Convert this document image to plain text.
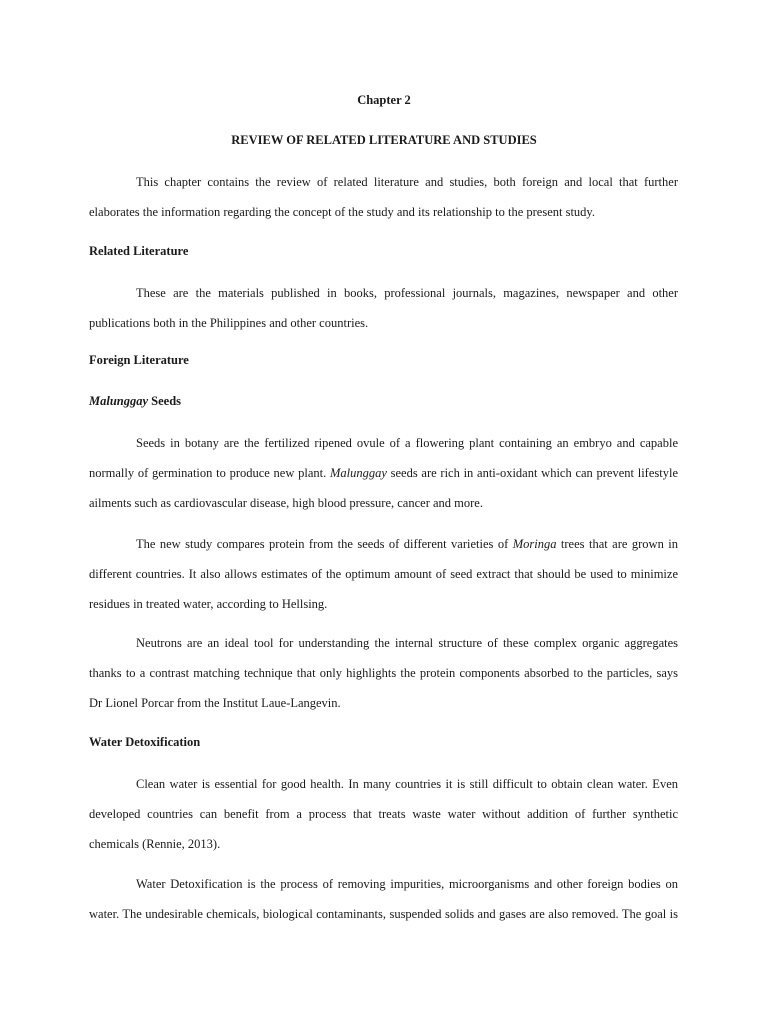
Chapter 2
REVIEW OF RELATED LITERATURE AND STUDIES
This chapter contains the review of related literature and studies, both foreign and local that further
elaborates the information regarding the concept of the study and its relationship to the present study.
Related Literature
These are the materials published in books, professional journals, magazines, newspaper and other
publications both in the Philippines and other countries.
Foreign Literature
Malunggay Seeds
Seeds in botany are the fertilized ripened ovule of a flowering plant containing an embryo and capable
normally of germination to produce new plant. Malunggay seeds are rich in anti-oxidant which can prevent lifestyle
ailments such as cardiovascular disease, high blood pressure, cancer and more.
The new study compares protein from the seeds of different varieties of Moringa trees that are grown in
different countries. It also allows estimates of the optimum amount of seed extract that should be used to minimize
residues in treated water, according to Hellsing.
Neutrons are an ideal tool for understanding the internal structure of these complex organic aggregates
thanks to a contrast matching technique that only highlights the protein components absorbed to the particles, says
Dr Lionel Porcar from the Institut Laue-Langevin.
Water Detoxification
Clean water is essential for good health. In many countries it is still difficult to obtain clean water. Even
developed countries can benefit from a process that treats waste water without addition of further synthetic
chemicals (Rennie, 2013).
Water Detoxification is the process of removing impurities, microorganisms and other foreign bodies on
water. The undesirable chemicals, biological contaminants, suspended solids and gases are also removed. The goal is
